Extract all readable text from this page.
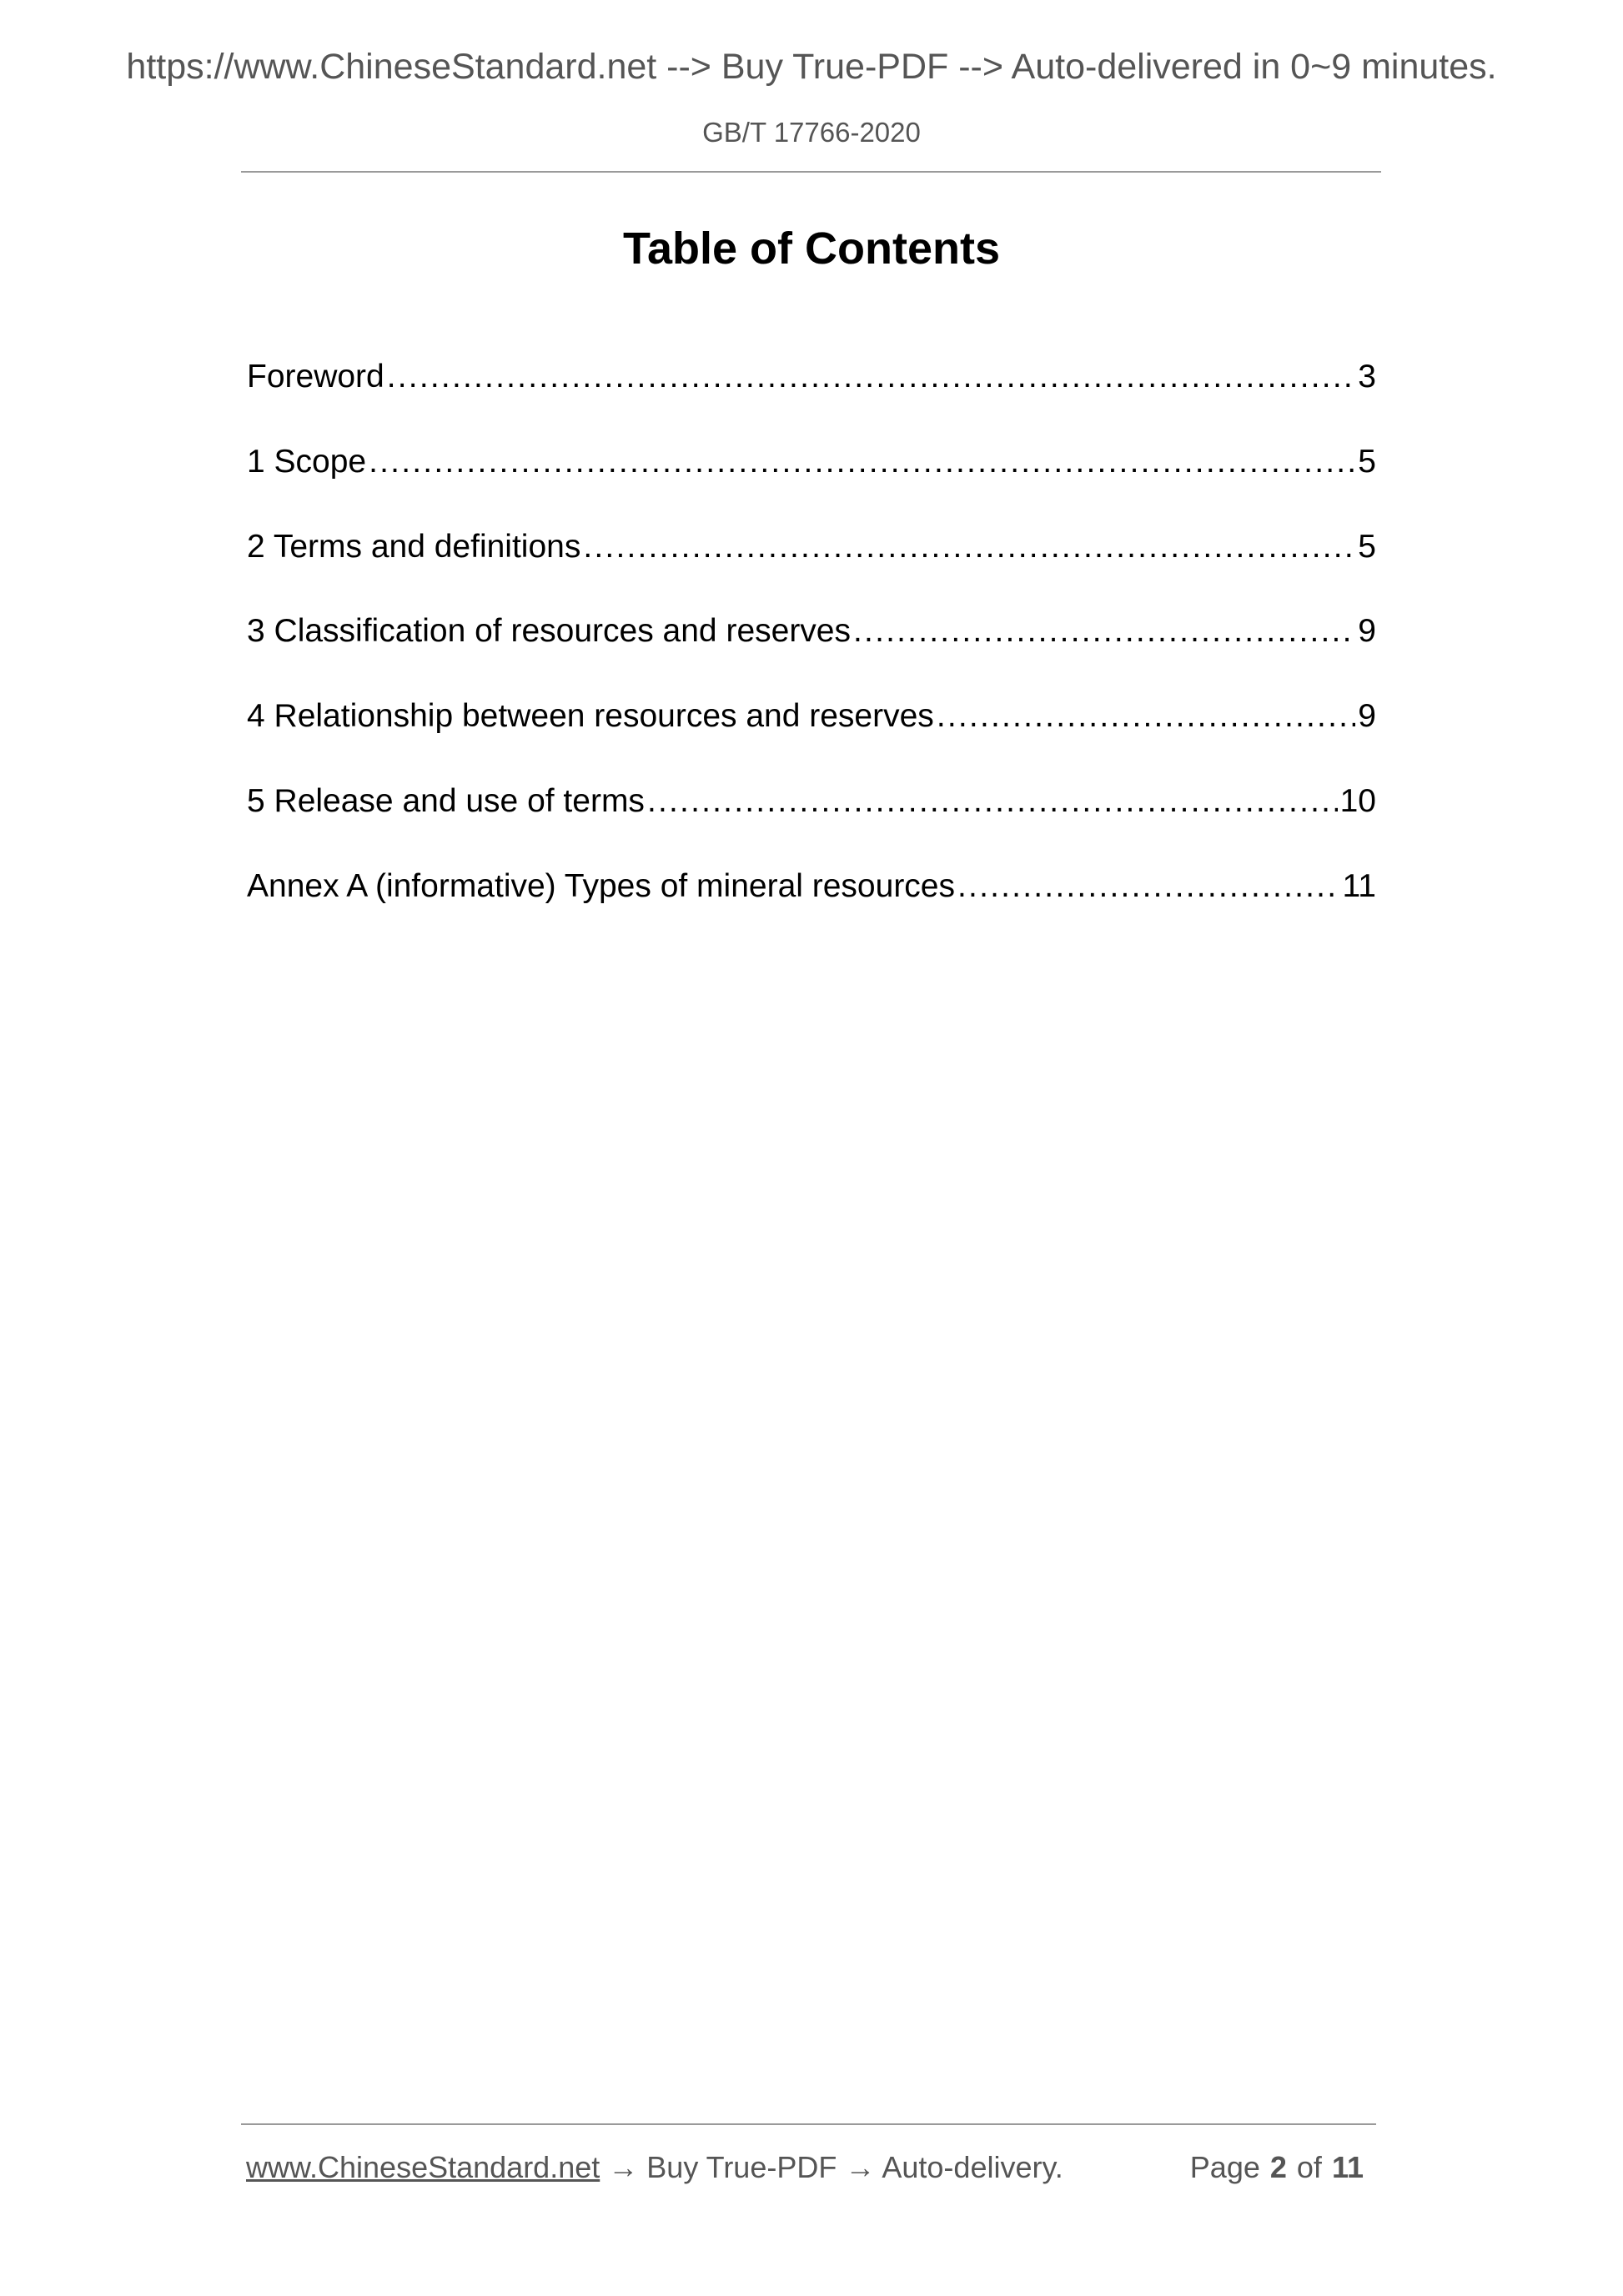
https://www.ChineseStandard.net --> Buy True-PDF --> Auto-delivered in 0~9 minutes.
GB/T 17766-2020
Table of Contents
Foreword .....	3
1 Scope .....	5
2 Terms and definitions .....	5
3 Classification of resources and reserves .....	9
4 Relationship between resources and reserves .....	9
5 Release and use of terms .....	10
Annex A (informative) Types of mineral resources .....	11
www.ChineseStandard.net → Buy True-PDF → Auto-delivery.	Page 2 of 11
